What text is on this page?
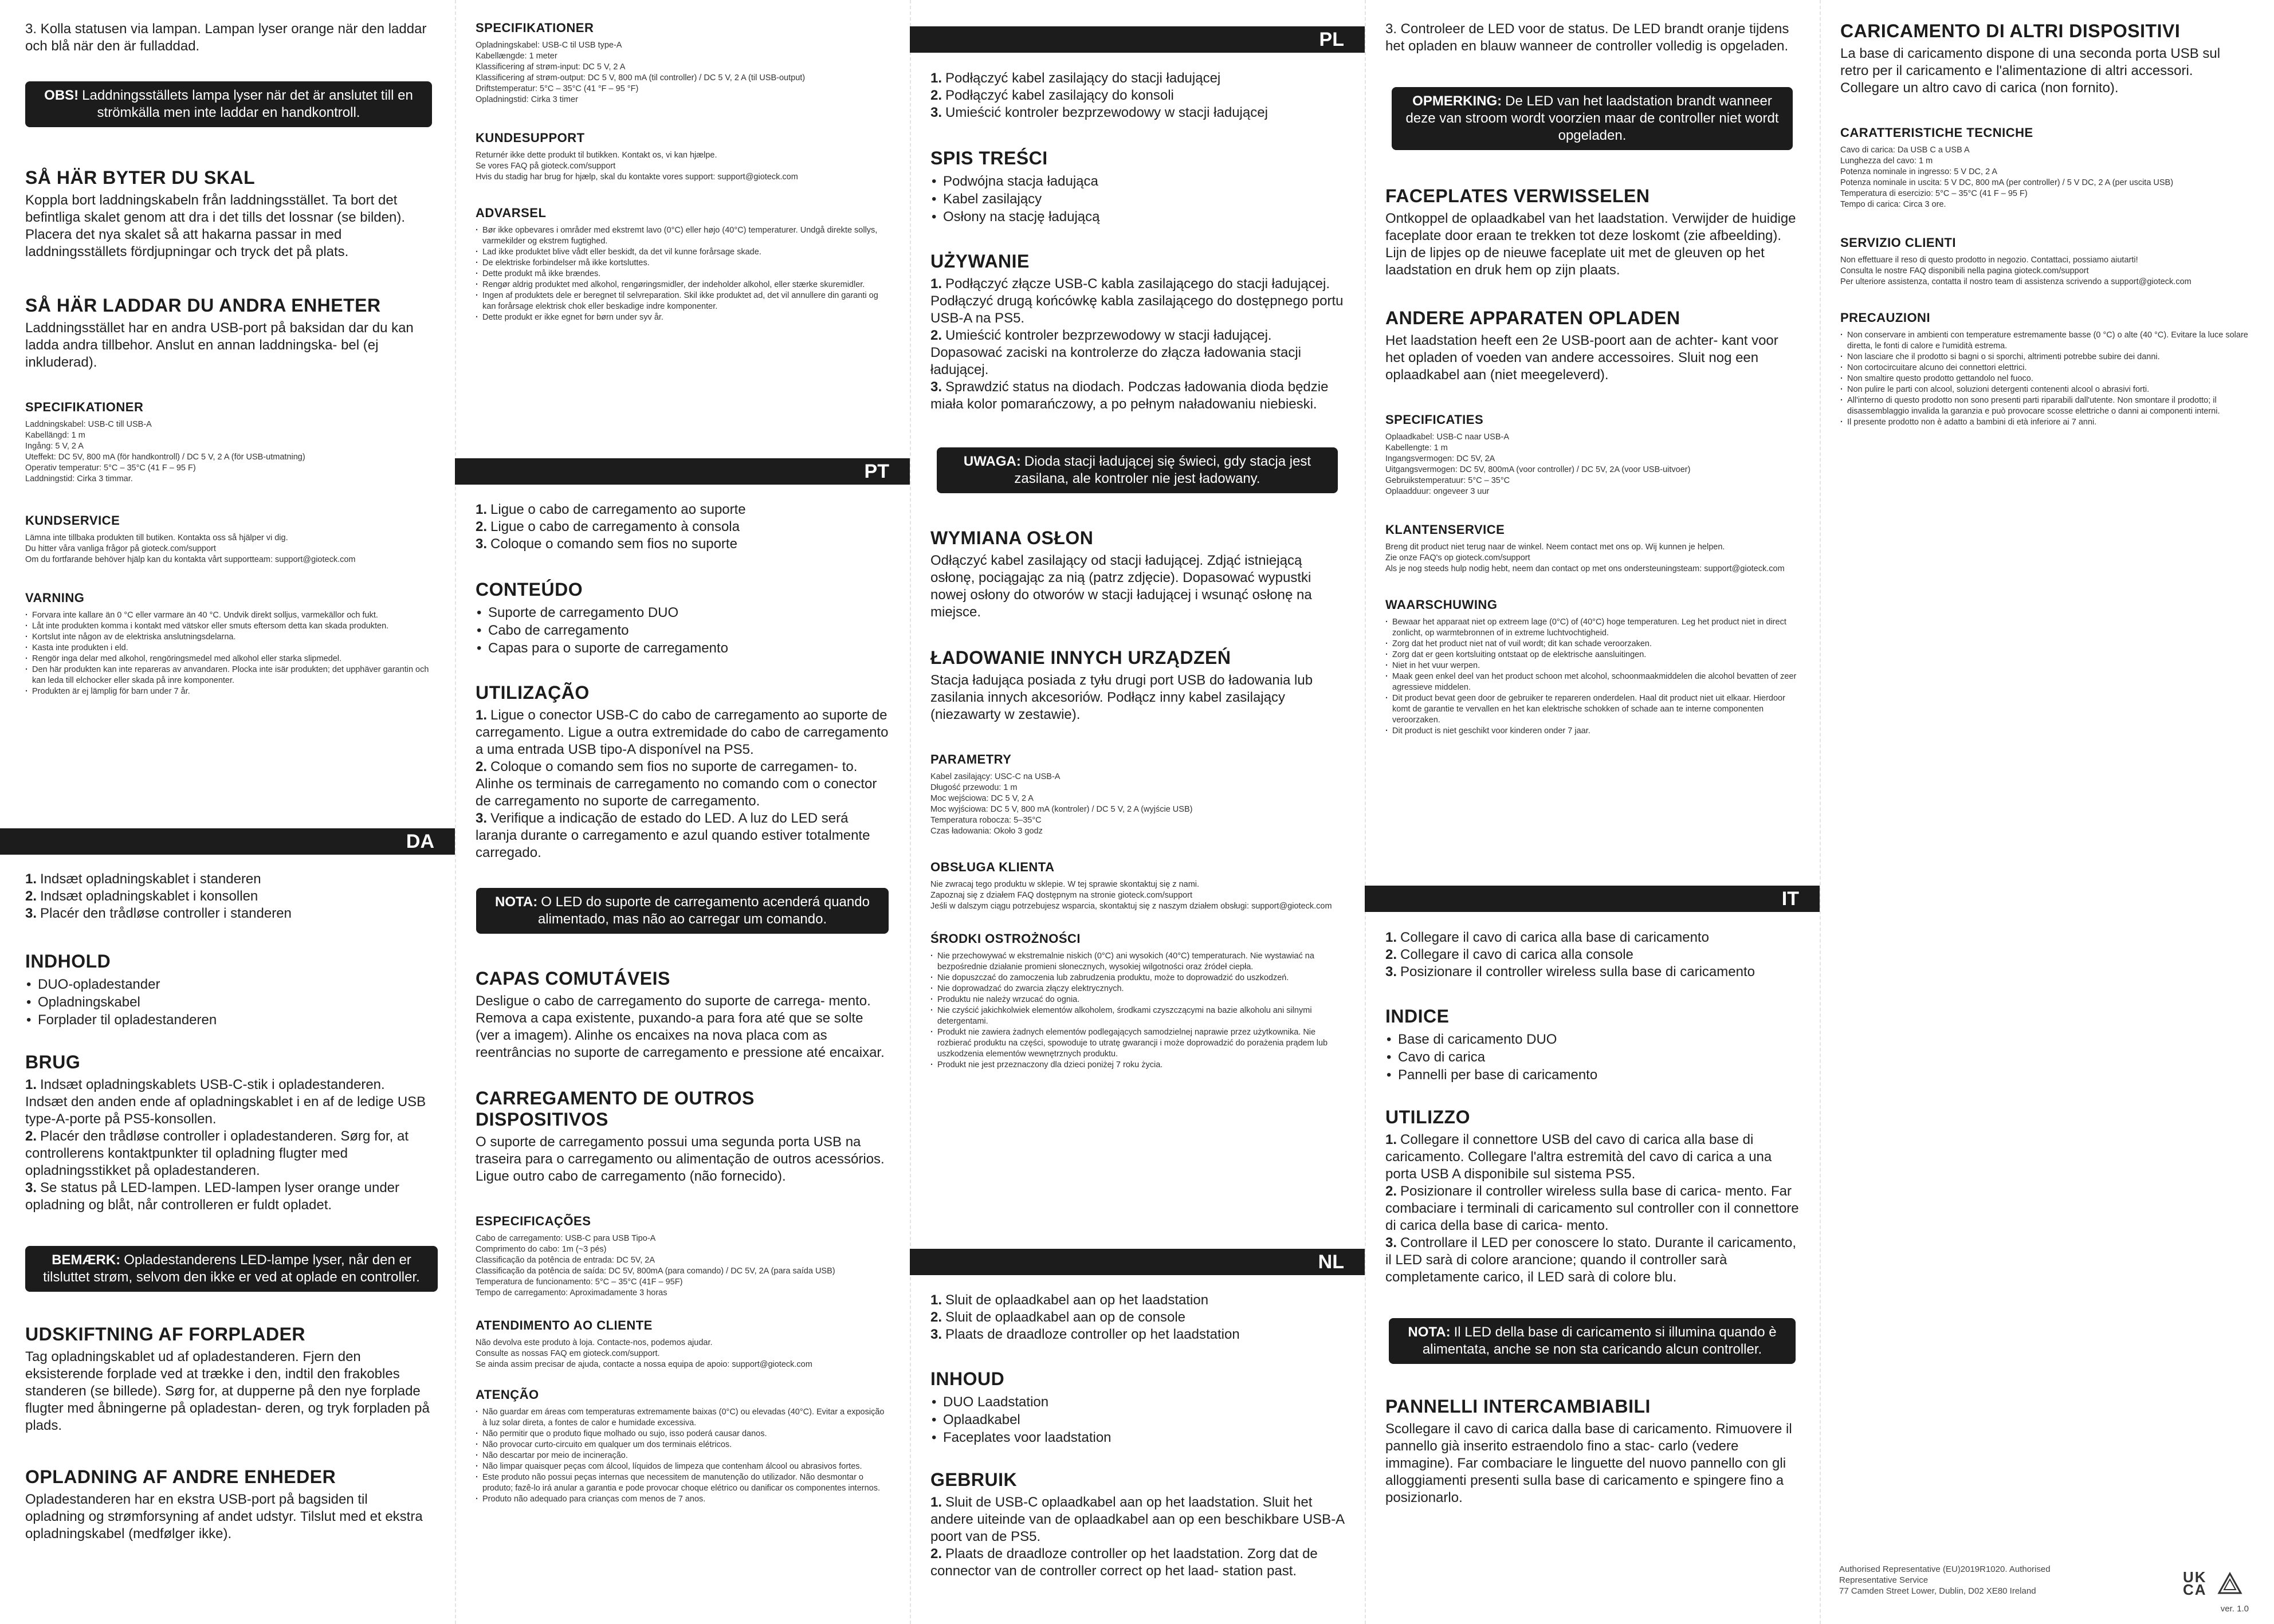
3. Kolla statusen via lampan. Lampan lyser orange när den laddar och blå när den är fulladdad.

OBS! Laddningsställets lampa lyser när det är anslutet till en strömkälla men inte laddar en handkontroll.
SÅ HÄR BYTER DU SKAL

Koppla bort laddningskabeln från laddningsstället. Ta bort det befintliga skalet genom att dra i det tills det lossnar (se bilden). Placera det nya skalet så att hakarna passar in med laddningsställets fördjupningar och tryck det på plats.

SÅ HÄR LADDAR DU ANDRA ENHETER

Laddningsstället har en andra USB-port på baksidan dar du kan ladda andra tillbehor. Anslut en annan laddningska- bel (ej inkluderad).

SPECIFIKATIONER

Laddningskabel: USB-C till USB-A
Kabellängd: 1 m
Ingång: 5 V, 2 A
Uteffekt: DC 5V, 800 mA (för handkontroll) / DC 5 V, 2 A (för USB-utmatning)
Operativ temperatur: 5°C – 35°C (41 F – 95 F)
Laddningstid: Cirka 3 timmar.

KUNDSERVICE

Lämna inte tillbaka produkten till butiken. Kontakta oss så hjälper vi dig.
Du hitter våra vanliga frågor på gioteck.com/support
Om du fortfarande behöver hjälp kan du kontakta vårt supportteam: support@gioteck.com

VARNING
· Forvara inte kallare än 0 °C eller varmare än 40 °C. Undvik direkt solljus, varmekällor och fukt.
· Låt inte produkten komma i kontakt med vätskor eller smuts eftersom detta kan skada produkten.
· Kortslut inte någon av de elektriska anslutningsdelarna.
· Kasta inte produkten i eld.
· Rengör inga delar med alkohol, rengöringsmedel med alkohol eller starka slipmedel.
· Den här produkten kan inte repareras av anvandaren. Plocka inte isär produkten; det upphäver garantin och kan leda till elchocker eller skada på inre komponenter.
· Produkten är ej lämplig för barn under 7 år.
DA
1. Indsæt opladningskablet i standeren
2. Indsæt opladningskablet i konsollen
3. Placér den trådløse controller i standeren
INDHOLD
• DUO-opladestander
• Opladningskabel
• Forplader til opladestanderen
BRUG
1. Indsæt opladningskablets USB-C-stik i opladestanderen. Indsæt den anden ende af opladningskablet i en af de ledige USB type-A-porte på PS5-konsollen.
2. Placér den trådløse controller i opladestanderen. Sørg for, at controllerens kontaktpunkter til opladning flugter med opladningsstikket på opladestanderen.
3. Se status på LED-lampen. LED-lampen lyser orange under opladning og blåt, når controlleren er fuldt opladet.
BEMÆRK: Opladestanderens LED-lampe lyser, når den er tilsluttet strøm, selvom den ikke er ved at oplade en controller.
UDSKIFTNING AF FORPLADER

Tag opladningskablet ud af opladestanderen. Fjern den eksisterende forplade ved at trække i den, indtil den frakobles standeren (se billede). Sørg for, at dupperne på den nye forplade flugter med åbningerne på opladestan- deren, og tryk forpladen på plads.

OPLADNING AF ANDRE ENHEDER

Opladestanderen har en ekstra USB-port på bagsiden til opladning og strømforsyning af andet udstyr. Tilslut med et ekstra opladningskabel (medfølger ikke).

SPECIFIKATIONER

Opladningskabel: USB-C til USB type-A
Kabellængde: 1 meter
Klassificering af strøm-input: DC 5 V, 2 A
Klassificering af strøm-output: DC 5 V, 800 mA (til controller) / DC 5 V, 2 A (til USB-output)
Driftstemperatur: 5°C – 35°C (41 °F – 95 °F)
Opladningstid: Cirka 3 timer

KUNDESUPPORT

Returnér ikke dette produkt til butikken. Kontakt os, vi kan hjælpe.
Se vores FAQ på gioteck.com/support
Hvis du stadig har brug for hjælp, skal du kontakte vores support: support@gioteck.com

ADVARSEL
· Bør ikke opbevares i områder med ekstremt lavo (0°C) eller højo (40°C) temperaturer. Undgå direkte sollys, varmekilder og ekstrem fugtighed.
· Lad ikke produktet blive vådt eller beskidt, da det vil kunne forårsage skade.
· De elektriske forbindelser må ikke kortsluttes.
· Dette produkt må ikke brændes.
· Rengør aldrig produktet med alkohol, rengøringsmidler, der indeholder alkohol, eller stærke skuremidler.
· Ingen af produktets dele er beregnet til selvreparation. Skil ikke produktet ad, det vil annullere din garanti og kan forårsage elektrisk chok eller beskadige indre komponenter.
· Dette produkt er ikke egnet for børn under syv år.
PT
1. Ligue o cabo de carregamento ao suporte
2. Ligue o cabo de carregamento à consola
3. Coloque o comando sem fios no suporte
CONTEÚDO
• Suporte de carregamento DUO
• Cabo de carregamento
• Capas para o suporte de carregamento
UTILIZAÇÃO
1. Ligue o conector USB-C do cabo de carregamento ao suporte de carregamento. Ligue a outra extremidade do cabo de carregamento a uma entrada USB tipo-A disponível na PS5.
2. Coloque o comando sem fios no suporte de carregamen- to. Alinhe os terminais de carregamento no comando com o conector de carregamento no suporte de carregamento.
3. Verifique a indicação de estado do LED. A luz do LED será laranja durante o carregamento e azul quando estiver totalmente carregado.
NOTA: O LED do suporte de carregamento acenderá quando alimentado, mas não ao carregar um comando.
CAPAS COMUTÁVEIS

Desligue o cabo de carregamento do suporte de carrega- mento. Remova a capa existente, puxando-a para fora até que se solte (ver a imagem). Alinhe os encaixes na nova placa com as reentrâncias no suporte de carregamento e pressione até encaixar.

CARREGAMENTO DE OUTROS DISPOSITIVOS

O suporte de carregamento possui uma segunda porta USB na traseira para o carregamento ou alimentação de outros acessórios. Ligue outro cabo de carregamento (não fornecido).

ESPECIFICAÇÕES

Cabo de carregamento: USB-C para USB Tipo-A
Comprimento do cabo: 1m (~3 pés)
Classificação da potência de entrada: DC 5V, 2A
Classificação da potência de saída: DC 5V, 800mA (para comando) / DC 5V, 2A (para saída USB)
Temperatura de funcionamento: 5°C – 35°C (41F – 95F)
Tempo de carregamento: Aproximadamente 3 horas

ATENDIMENTO AO CLIENTE

Não devolva este produto à loja. Contacte-nos, podemos ajudar.
Consulte as nossas FAQ em gioteck.com/support.
Se ainda assim precisar de ajuda, contacte a nossa equipa de apoio: support@gioteck.com

ATENÇÃO
· Não guardar em áreas com temperaturas extremamente baixas (0°C) ou elevadas (40°C). Evitar a exposição à luz solar direta, a fontes de calor e humidade excessiva.
· Não permitir que o produto fique molhado ou sujo, isso poderá causar danos.
· Não provocar curto-circuito em qualquer um dos terminais elétricos.
· Não descartar por meio de incineração.
· Não limpar quaisquer peças com álcool, líquidos de limpeza que contenham álcool ou abrasivos fortes.
· Este produto não possui peças internas que necessitem de manutenção do utilizador. Não desmontar o produto; fazê-lo irá anular a garantia e pode provocar choque elétrico ou danificar os componentes internos.
· Produto não adequado para crianças com menos de 7 anos.
PL
1. Podłączyć kabel zasilający do stacji ładującej
2. Podłączyć kabel zasilający do konsoli
3. Umieścić kontroler bezprzewodowy w stacji ładującej
SPIS TREŚCI
• Podwójna stacja ładująca
• Kabel zasilający
• Osłony na stację ładującą
UŻYWANIE
1. Podłączyć złącze USB-C kabla zasilającego do stacji ładującej. Podłączyć drugą końcówkę kabla zasilającego do dostępnego portu USB-A na PS5.
2. Umieścić kontroler bezprzewodowy w stacji ładującej. Dopasować zaciski na kontrolerze do złącza ładowania stacji ładującej.
3. Sprawdzić status na diodach. Podczas ładowania dioda będzie miała kolor pomarańczowy, a po pełnym naładowaniu niebieski.
UWAGA: Dioda stacji ładującej się świeci, gdy stacja jest zasilana, ale kontroler nie jest ładowany.
WYMIANA OSŁON

Odłączyć kabel zasilający od stacji ładującej. Zdjąć istniejącą osłonę, pociągając za nią (patrz zdjęcie). Dopasować wypustki nowej osłony do otworów w stacji ładującej i wsunąć osłonę na miejsce.

ŁADOWANIE INNYCH URZĄDZEŃ

Stacja ładująca posiada z tyłu drugi port USB do ładowania lub zasilania innych akcesoriów. Podłącz inny kabel zasilający (niezawarty w zestawie).

PARAMETRY

Kabel zasilający: USC-C na USB-A
Długość przewodu: 1 m
Moc wejściowa: DC 5 V, 2 A
Moc wyjściowa: DC 5 V, 800 mA (kontroler) / DC 5 V, 2 A (wyjście USB)
Temperatura robocza: 5–35°C
Czas ładowania: Około 3 godz

OBSŁUGA KLIENTA

Nie zwracaj tego produktu w sklepie. W tej sprawie skontaktuj się z nami.
Zapoznaj się z działem FAQ dostępnym na stronie gioteck.com/support
Jeśli w dalszym ciągu potrzebujesz wsparcia, skontaktuj się z naszym działem obsługi: support@gioteck.com

ŚRODKI OSTROŻNOŚCI
· Nie przechowywać w ekstremalnie niskich (0°C) ani wysokich (40°C) temperaturach. Nie wystawiać na bezpośrednie działanie promieni słonecznych, wysokiej wilgotności oraz źródeł ciepła.
· Nie dopuszczać do zamoczenia lub zabrudzenia produktu, może to doprowadzić do uszkodzeń.
· Nie doprowadzać do zwarcia złączy elektrycznych.
· Produktu nie należy wrzucać do ognia.
· Nie czyścić jakichkolwiek elementów alkoholem, środkami czyszczącymi na bazie alkoholu ani silnymi detergentami.
· Produkt nie zawiera żadnych elementów podlegających samodzielnej naprawie przez użytkownika. Nie rozbierać produktu na części, spowoduje to utratę gwarancji i może doprowadzić do porażenia prądem lub uszkodzenia elementów wewnętrznych produktu.
· Produkt nie jest przeznaczony dla dzieci poniżej 7 roku życia.
NL
1. Sluit de oplaadkabel aan op het laadstation
2. Sluit de oplaadkabel aan op de console
3. Plaats de draadloze controller op het laadstation
INHOUD
• DUO Laadstation
• Oplaadkabel
• Faceplates voor laadstation
GEBRUIK
1. Sluit de USB-C oplaadkabel aan op het laadstation. Sluit het andere uiteinde van de oplaadkabel aan op een beschikbare USB-A poort van de PS5.
2. Plaats de draadloze controller op het laadstation. Zorg dat de connector van de controller correct op het laad- station past.

3. Controleer de LED voor de status. De LED brandt oranje tijdens het opladen en blauw wanneer de controller volledig is opgeladen.

OPMERKING: De LED van het laadstation brandt wanneer deze van stroom wordt voorzien maar de controller niet wordt opgeladen.
FACEPLATES VERWISSELEN

Ontkoppel de oplaadkabel van het laadstation. Verwijder de huidige faceplate door eraan te trekken tot deze loskomt (zie afbeelding). Lijn de lipjes op de nieuwe faceplate uit met de gleuven op het laadstation en druk hem op zijn plaats.

ANDERE APPARATEN OPLADEN

Het laadstation heeft een 2e USB-poort aan de achter- kant voor het opladen of voeden van andere accessoires. Sluit nog een oplaadkabel aan (niet meegeleverd).

SPECIFICATIES

Oplaadkabel: USB-C naar USB-A
Kabellengte: 1 m
Ingangsvermogen: DC 5V, 2A
Uitgangsvermogen: DC 5V, 800mA (voor controller) / DC 5V, 2A (voor USB-uitvoer)
Gebruikstemperatuur: 5°C – 35°C
Oplaadduur: ongeveer 3 uur

KLANTENSERVICE

Breng dit product niet terug naar de winkel. Neem contact met ons op. Wij kunnen je helpen.
Zie onze FAQ's op gioteck.com/support
Als je nog steeds hulp nodig hebt, neem dan contact op met ons ondersteuningsteam: support@gioteck.com

WAARSCHUWING
· Bewaar het apparaat niet op extreem lage (0°C) of (40°C) hoge temperaturen. Leg het product niet in direct zonlicht, op warmtebronnen of in extreme luchtvochtigheid.
· Zorg dat het product niet nat of vuil wordt; dit kan schade veroorzaken.
· Zorg dat er geen kortsluiting ontstaat op de elektrische aansluitingen.
· Niet in het vuur werpen.
· Maak geen enkel deel van het product schoon met alcohol, schoonmaakmiddelen die alcohol bevatten of zeer agressieve middelen.
· Dit product bevat geen door de gebruiker te repareren onderdelen. Haal dit product niet uit elkaar. Hierdoor komt de garantie te vervallen en het kan elektrische schokken of schade aan te interne componenten veroorzaken.
· Dit product is niet geschikt voor kinderen onder 7 jaar.
IT
1. Collegare il cavo di carica alla base di caricamento
2. Collegare il cavo di carica alla console
3. Posizionare il controller wireless sulla base di caricamento
INDICE
• Base di caricamento DUO
• Cavo di carica
• Pannelli per base di caricamento
UTILIZZO
1. Collegare il connettore USB del cavo di carica alla base di caricamento. Collegare l'altra estremità del cavo di carica a una porta USB A disponibile sul sistema PS5.
2. Posizionare il controller wireless sulla base di carica- mento. Far combaciare i terminali di caricamento sul controller con il connettore di carica della base di carica- mento.
3. Controllare il LED per conoscere lo stato. Durante il caricamento, il LED sarà di colore arancione; quando il controller sarà completamente carico, il LED sarà di colore blu.
NOTA: Il LED della base di caricamento si illumina quando è alimentata, anche se non sta caricando alcun controller.
PANNELLI INTERCAMBIABILI

Scollegare il cavo di carica dalla base di caricamento. Rimuovere il pannello già inserito estraendolo fino a stac- carlo (vedere immagine). Far combaciare le linguette del nuovo pannello con gli alloggiamenti presenti sulla base di caricamento e spingere fino a posizionarlo.

CARICAMENTO DI ALTRI DISPOSITIVI

La base di caricamento dispone di una seconda porta USB sul retro per il caricamento e l'alimentazione di altri accessori. Collegare un altro cavo di carica (non fornito).

CARATTERISTICHE TECNICHE

Cavo di carica: Da USB C a USB A
Lunghezza del cavo: 1 m
Potenza nominale in ingresso: 5 V DC, 2 A
Potenza nominale in uscita: 5 V DC, 800 mA (per controller) / 5 V DC, 2 A (per uscita USB)
Temperatura di esercizio: 5°C – 35°C (41 F – 95 F)
Tempo di carica: Circa 3 ore.

SERVIZIO CLIENTI

Non effettuare il reso di questo prodotto in negozio. Contattaci, possiamo aiutarti!
Consulta le nostre FAQ disponibili nella pagina gioteck.com/support
Per ulteriore assistenza, contatta il nostro team di assistenza scrivendo a support@gioteck.com

PRECAUZIONI
· Non conservare in ambienti con temperature estremamente basse (0 °C) o alte (40 °C). Evitare la luce solare diretta, le fonti di calore e l'umidità estrema.
· Non lasciare che il prodotto si bagni o si sporchi, altrimenti potrebbe subire dei danni.
· Non cortocircuitare alcuno dei connettori elettrici.
· Non smaltire questo prodotto gettandolo nel fuoco.
· Non pulire le parti con alcool, soluzioni detergenti contenenti alcool o abrasivi forti.
· All'interno di questo prodotto non sono presenti parti riparabili dall'utente. Non smontare il prodotto; il disassemblaggio invalida la garanzia e può provocare scosse elettriche o danni ai componenti interni.
· Il presente prodotto non è adatto a bambini di età inferiore ai 7 anni.
Authorised Representative (EU)2019R1020. Authorised Representative Service
77 Camden Street Lower, Dublin, D02 XE80 Ireland
UK
CA
ver. 1.0
